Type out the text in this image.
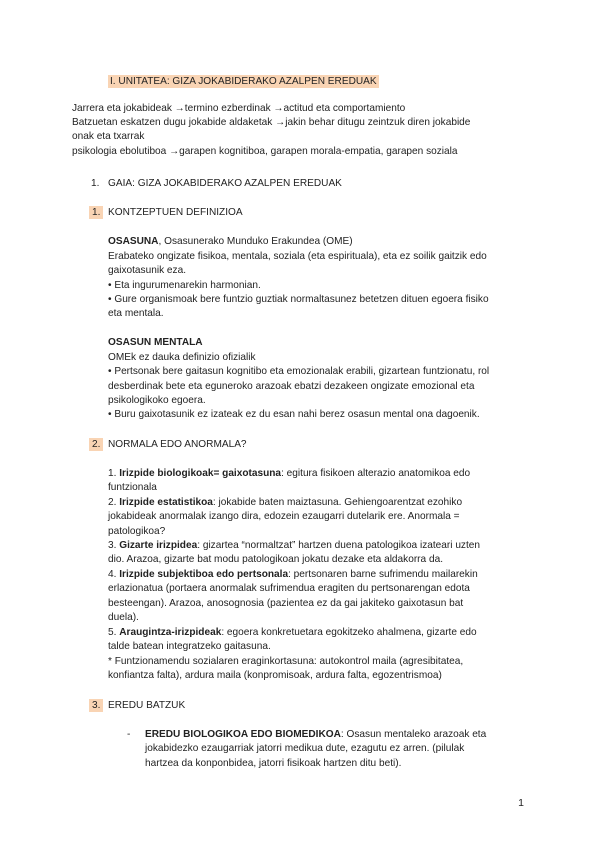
I. UNITATEA: GIZA JOKABIDERAKO AZALPEN EREDUAK
Jarrera eta jokabideak →termino ezberdinak →actitud eta comportamiento
Batzuetan eskatzen dugu jokabide aldaketak →jakin behar ditugu zeintzuk diren jokabide
onak eta txarrak
psikologia ebolutiboa →garapen kognitiboa, garapen morala-empatia, garapen soziala
1. GAIA: GIZA JOKABIDERAKO AZALPEN EREDUAK
1. KONTZEPTUEN DEFINIZIOA
OSASUNA, Osasunerako Munduko Erakundea (OME)
Erabateko ongizate fisikoa, mentala, soziala (eta espirituala), eta ez soilik gaitzik edo
gaixotasunik eza.
• Eta ingurumenarekin harmonian.
• Gure organismoak bere funtzio guztiak normaltasunez betetzen dituen egoera fisiko
eta mentala.
OSASUN MENTALA
OMEk ez dauka definizio ofizialik
• Pertsonak bere gaitasun kognitibo eta emozionalak erabili, gizartean funtzionatu, rol
desberdinak bete eta eguneroko arazoak ebatzi dezakeen ongizate emozional eta
psikologikoko egoera.
• Buru gaixotasunik ez izateak ez du esan nahi berez osasun mental ona dagoenik.
2. NORMALA EDO ANORMALA?
1. Irizpide biologikoak= gaixotasuna: egitura fisikoen alterazio anatomikoa edo
funtzionala
2. Irizpide estatistikoa: jokabide baten maiztasuna. Gehiengoarentzat ezohiko
jokabideak anormalak izango dira, edozein ezaugarri dutelarik ere. Anormala =
patologikoa?
3. Gizarte irizpidea: gizartea “normaltzat” hartzen duena patologikoa izateari uzten
dio. Arazoa, gizarte bat modu patologikoan jokatu dezake eta aldakorra da.
4. Irizpide subjektiboa edo pertsonala: pertsonaren barne sufrimendu mailarekin
erlazionatua (portaera anormalak sufrimendua eragiten du pertsonarengan edota
besteengan). Arazoa, anosognosia (pazientea ez da gai jakiteko gaixotasun bat
duela).
5. Araugintza-irizpideak: egoera konkretuetara egokitzeko ahalmena, gizarte edo
talde batean integratzeko gaitasuna.
* Funtzionamendu sozialaren eraginkortasuna: autokontrol maila (agresibitatea,
konfiantza falta), ardura maila (konpromisoak, ardura falta, egozentrismoa)
3. EREDU BATZUK
- EREDU BIOLOGIKOA EDO BIOMEDIKOA: Osasun mentaleko arazoak eta
jokabidezko ezaugarriak jatorri medikua dute, ezagutu ez arren. (pilulak
hartzea da konponbidea, jatorri fisikoak hartzen ditu beti).
1
